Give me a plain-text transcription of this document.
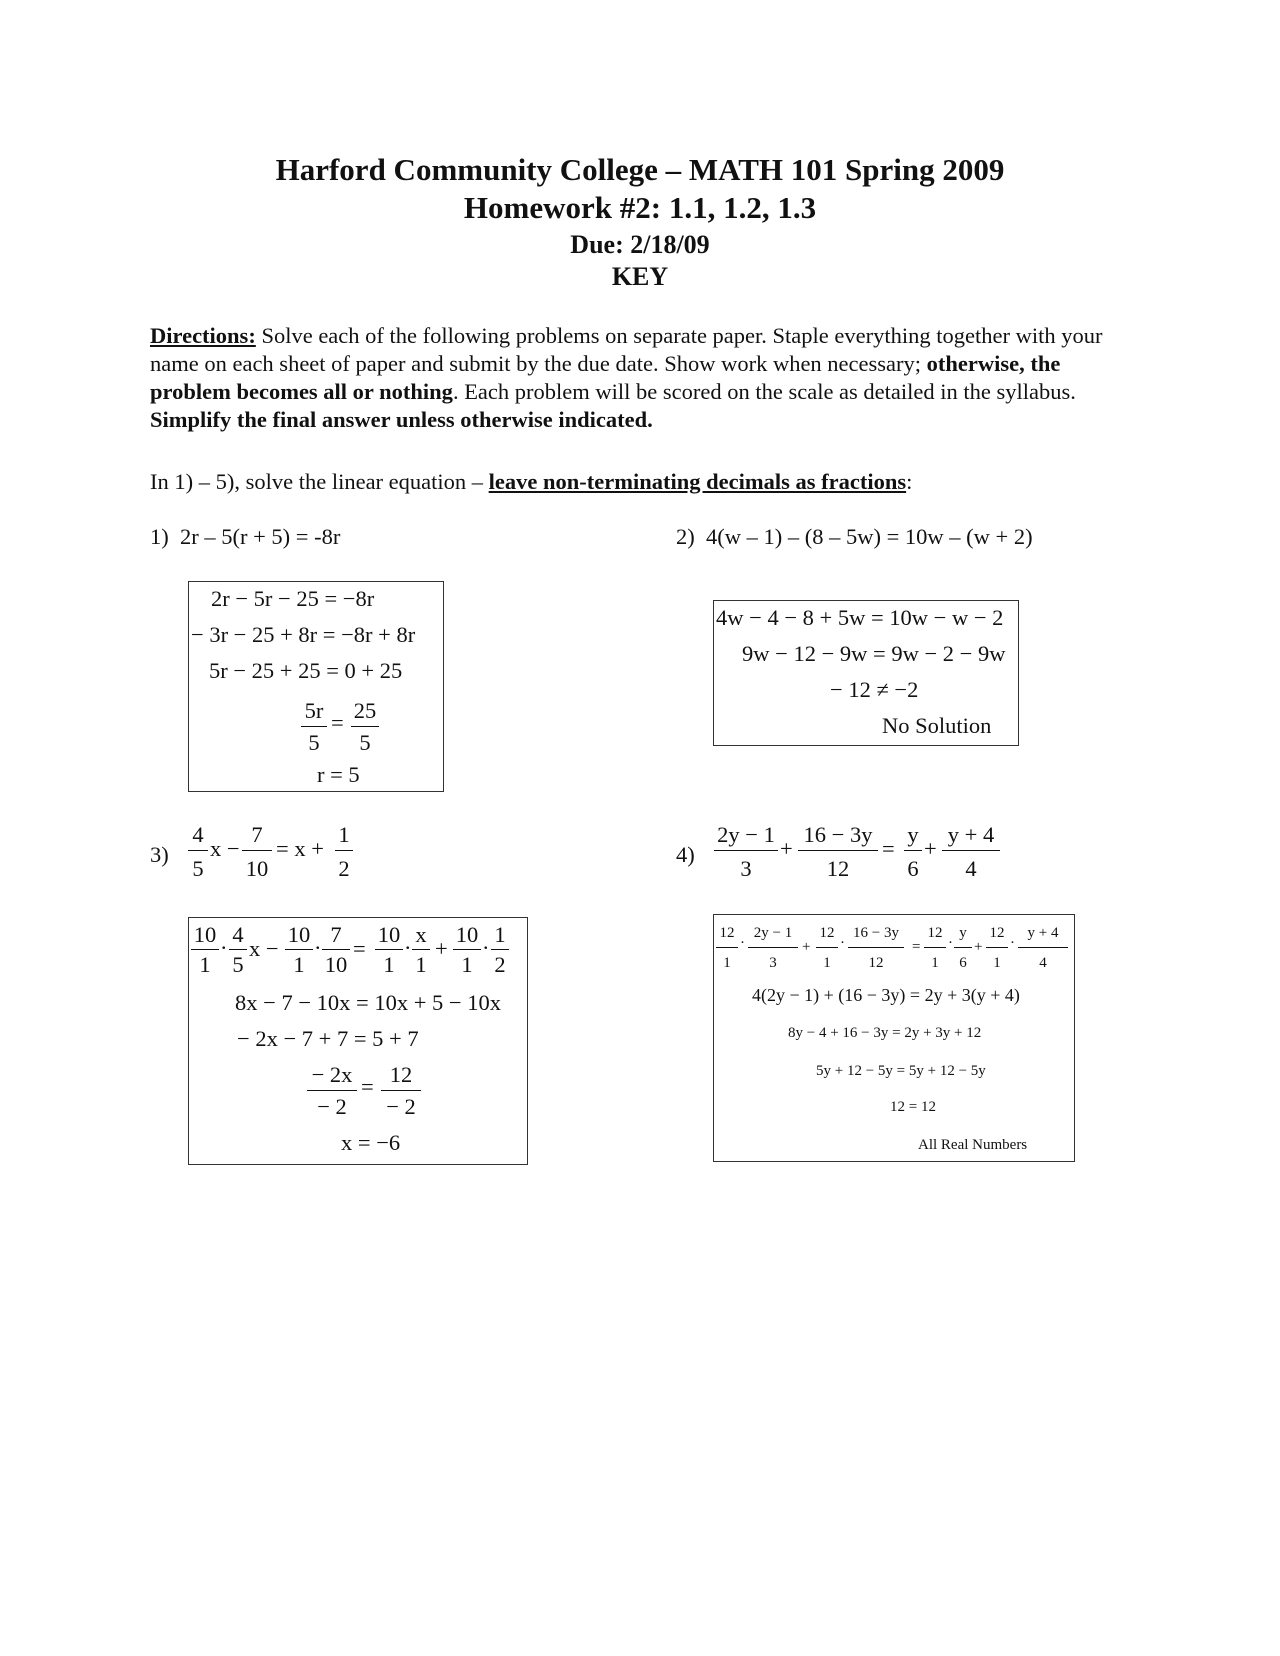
Harford Community College – MATH 101 Spring 2009
Homework #2: 1.1, 1.2, 1.3
Due: 2/18/09
KEY
Directions: Solve each of the following problems on separate paper. Staple everything together with your name on each sheet of paper and submit by the due date. Show work when necessary; otherwise, the problem becomes all or nothing. Each problem will be scored on the scale as detailed in the syllabus. Simplify the final answer unless otherwise indicated.
In 1) – 5), solve the linear equation – leave non-terminating decimals as fractions:
1) 2r – 5(r + 5) = -8r
2r − 5r − 25 = −8r
− 3r − 25 + 8r = −8r + 8r
5r − 25 + 25 = 0 + 25
5r
5
= 25
5
r = 5
2) 4(w – 1) – (8 – 5w) = 10w – (w + 2)
4w − 4 − 8 + 5w = 10w − w − 2
9w − 12 − 9w = 9w − 2 − 9w
− 12 ≠ −2
No Solution
3)
4
5
x −
7
10
= x +
1
2
10
1
·
4
5
x −
10
1
·
7
10
=
10
1
·
x
1
+
10
1
·
1
2
8x − 7 − 10x = 10x + 5 − 10x
− 2x − 7 + 7 = 5 + 7
− 2x
− 2
= 12
− 2
x = −6
4)
2y − 1
3
+
16 − 3y
12
=
y
6
+
y + 4
4
12
1
·
2y − 1
3
+
12
1
·
16 − 3y
12
=
12
1
·
y
6
+
12
1
·
y + 4
4
4(2y − 1) + (16 − 3y) = 2y + 3(y + 4)
8y − 4 + 16 − 3y = 2y + 3y + 12
5y + 12 − 5y = 5y + 12 − 5y
12 = 12
All Real Numbers
